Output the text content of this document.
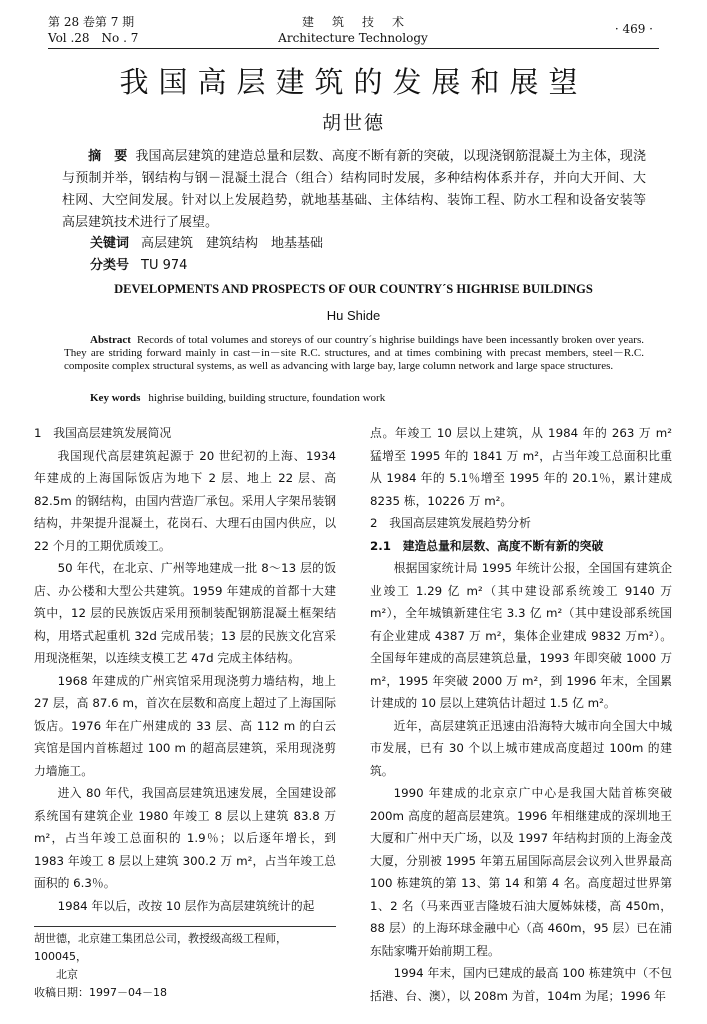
第 28 卷第 7 期
Vol .28　No . 7
建筑技术
Architecture Technology
· 469 ·
我国高层建筑的发展和展望
胡世德
摘　要 我国高层建筑的建造总量和层数、高度不断有新的突破，以现浇钢筋混凝土为主体，现浇与预制并举，钢结构与钢－混凝土混合（组合）结构同时发展，多种结构体系并存，并向大开间、大柱网、大空间发展。针对以上发展趋势，就地基基础、主体结构、装饰工程、防水工程和设备安装等高层建筑技术进行了展望。
关键词 高层建筑　建筑结构　地基基础
分类号 TU 974
DEVELOPMENTS AND PROSPECTS OF OUR COUNTRY´S HIGHRISE BUILDINGS
Hu Shide
Abstract Records of total volumes and storeys of our country´s highrise buildings have been incessantly broken over years. They are striding forward mainly in cast－in－site R.C. structures, and at times combining with precast members, steel－R.C. composite complex structural systems, as well as advancing with large bay, large column network and large space structures.
Key words highrise building, building structure, foundation work
1　我国高层建筑发展简况

我国现代高层建筑起源于 20 世纪初的上海、1934 年建成的上海国际饭店为地下 2 层、地上 22 层、高 82.5m 的钢结构，由国内营造厂承包。采用人字架吊装钢结构，井架提升混凝土，花岗石、大理石由国内供应，以 22 个月的工期优质竣工。

50 年代，在北京、广州等地建成一批 8～13 层的饭店、办公楼和大型公共建筑。1959 年建成的首都十大建筑中，12 层的民族饭店采用预制装配钢筋混凝土框架结构，用塔式起重机 32d 完成吊装；13 层的民族文化宫采用现浇框架，以连续支模工艺 47d 完成主体结构。

1968 年建成的广州宾馆采用现浇剪力墙结构，地上 27 层，高 87.6 m，首次在层数和高度上超过了上海国际饭店。1976 年在广州建成的 33 层、高 112 m 的白云宾馆是国内首栋超过 100 m 的超高层建筑，采用现浇剪力墙施工。

进入 80 年代，我国高层建筑迅速发展，全国建设部系统国有建筑企业 1980 年竣工 8 层以上建筑 83.8 万 m²，占当年竣工总面积的 1.9％；以后逐年增长，到 1983 年竣工 8 层以上建筑 300.2 万 m²，占当年竣工总面积的 6.3％。

1984 年以后，改按 10 层作为高层建筑统计的起

胡世德，北京建工集团总公司，教授级高级工程师，100045，
北京
收稿日期：1997－04－18

点。年竣工 10 层以上建筑，从 1984 年的 263 万 m² 猛增至 1995 年的 1841 万 m²，占当年竣工总面积比重从 1984 年的 5.1％增至 1995 年的 20.1％，累计建成 8235 栋，10226 万 m²。

2　我国高层建筑发展趋势分析
2.1　建造总量和层数、高度不断有新的突破

根据国家统计局 1995 年统计公报，全国国有建筑企业竣工 1.29 亿 m²（其中建设部系统竣工 9140 万 m²），全年城镇新建住宅 3.3 亿 m²（其中建设部系统国有企业建成 4387 万 m²，集体企业建成 9832 万m²）。全国每年建成的高层建筑总量，1993 年即突破 1000 万 m²，1995 年突破 2000 万 m²，到 1996 年末，全国累计建成的 10 层以上建筑估计超过 1.5 亿 m²。

近年，高层建筑正迅速由沿海特大城市向全国大中城市发展，已有 30 个以上城市建成高度超过 100m 的建筑。

1990 年建成的北京京广中心是我国大陆首栋突破 200m 高度的超高层建筑。1996 年相继建成的深圳地王大厦和广州中天广场，以及 1997 年结构封顶的上海金茂大厦，分别被 1995 年第五届国际高层会议列入世界最高 100 栋建筑的第 13、第 14 和第 4 名。高度超过世界第 1、2 名（马来西亚吉隆坡石油大厦姊妹楼，高 450m，88 层）的上海环球金融中心（高 460m，95 层）已在浦东陆家嘴开始前期工程。

1994 年末，国内已建成的最高 100 栋建筑中（不包括港、台、澳），以 208m 为首，104m 为尾；1996 年
